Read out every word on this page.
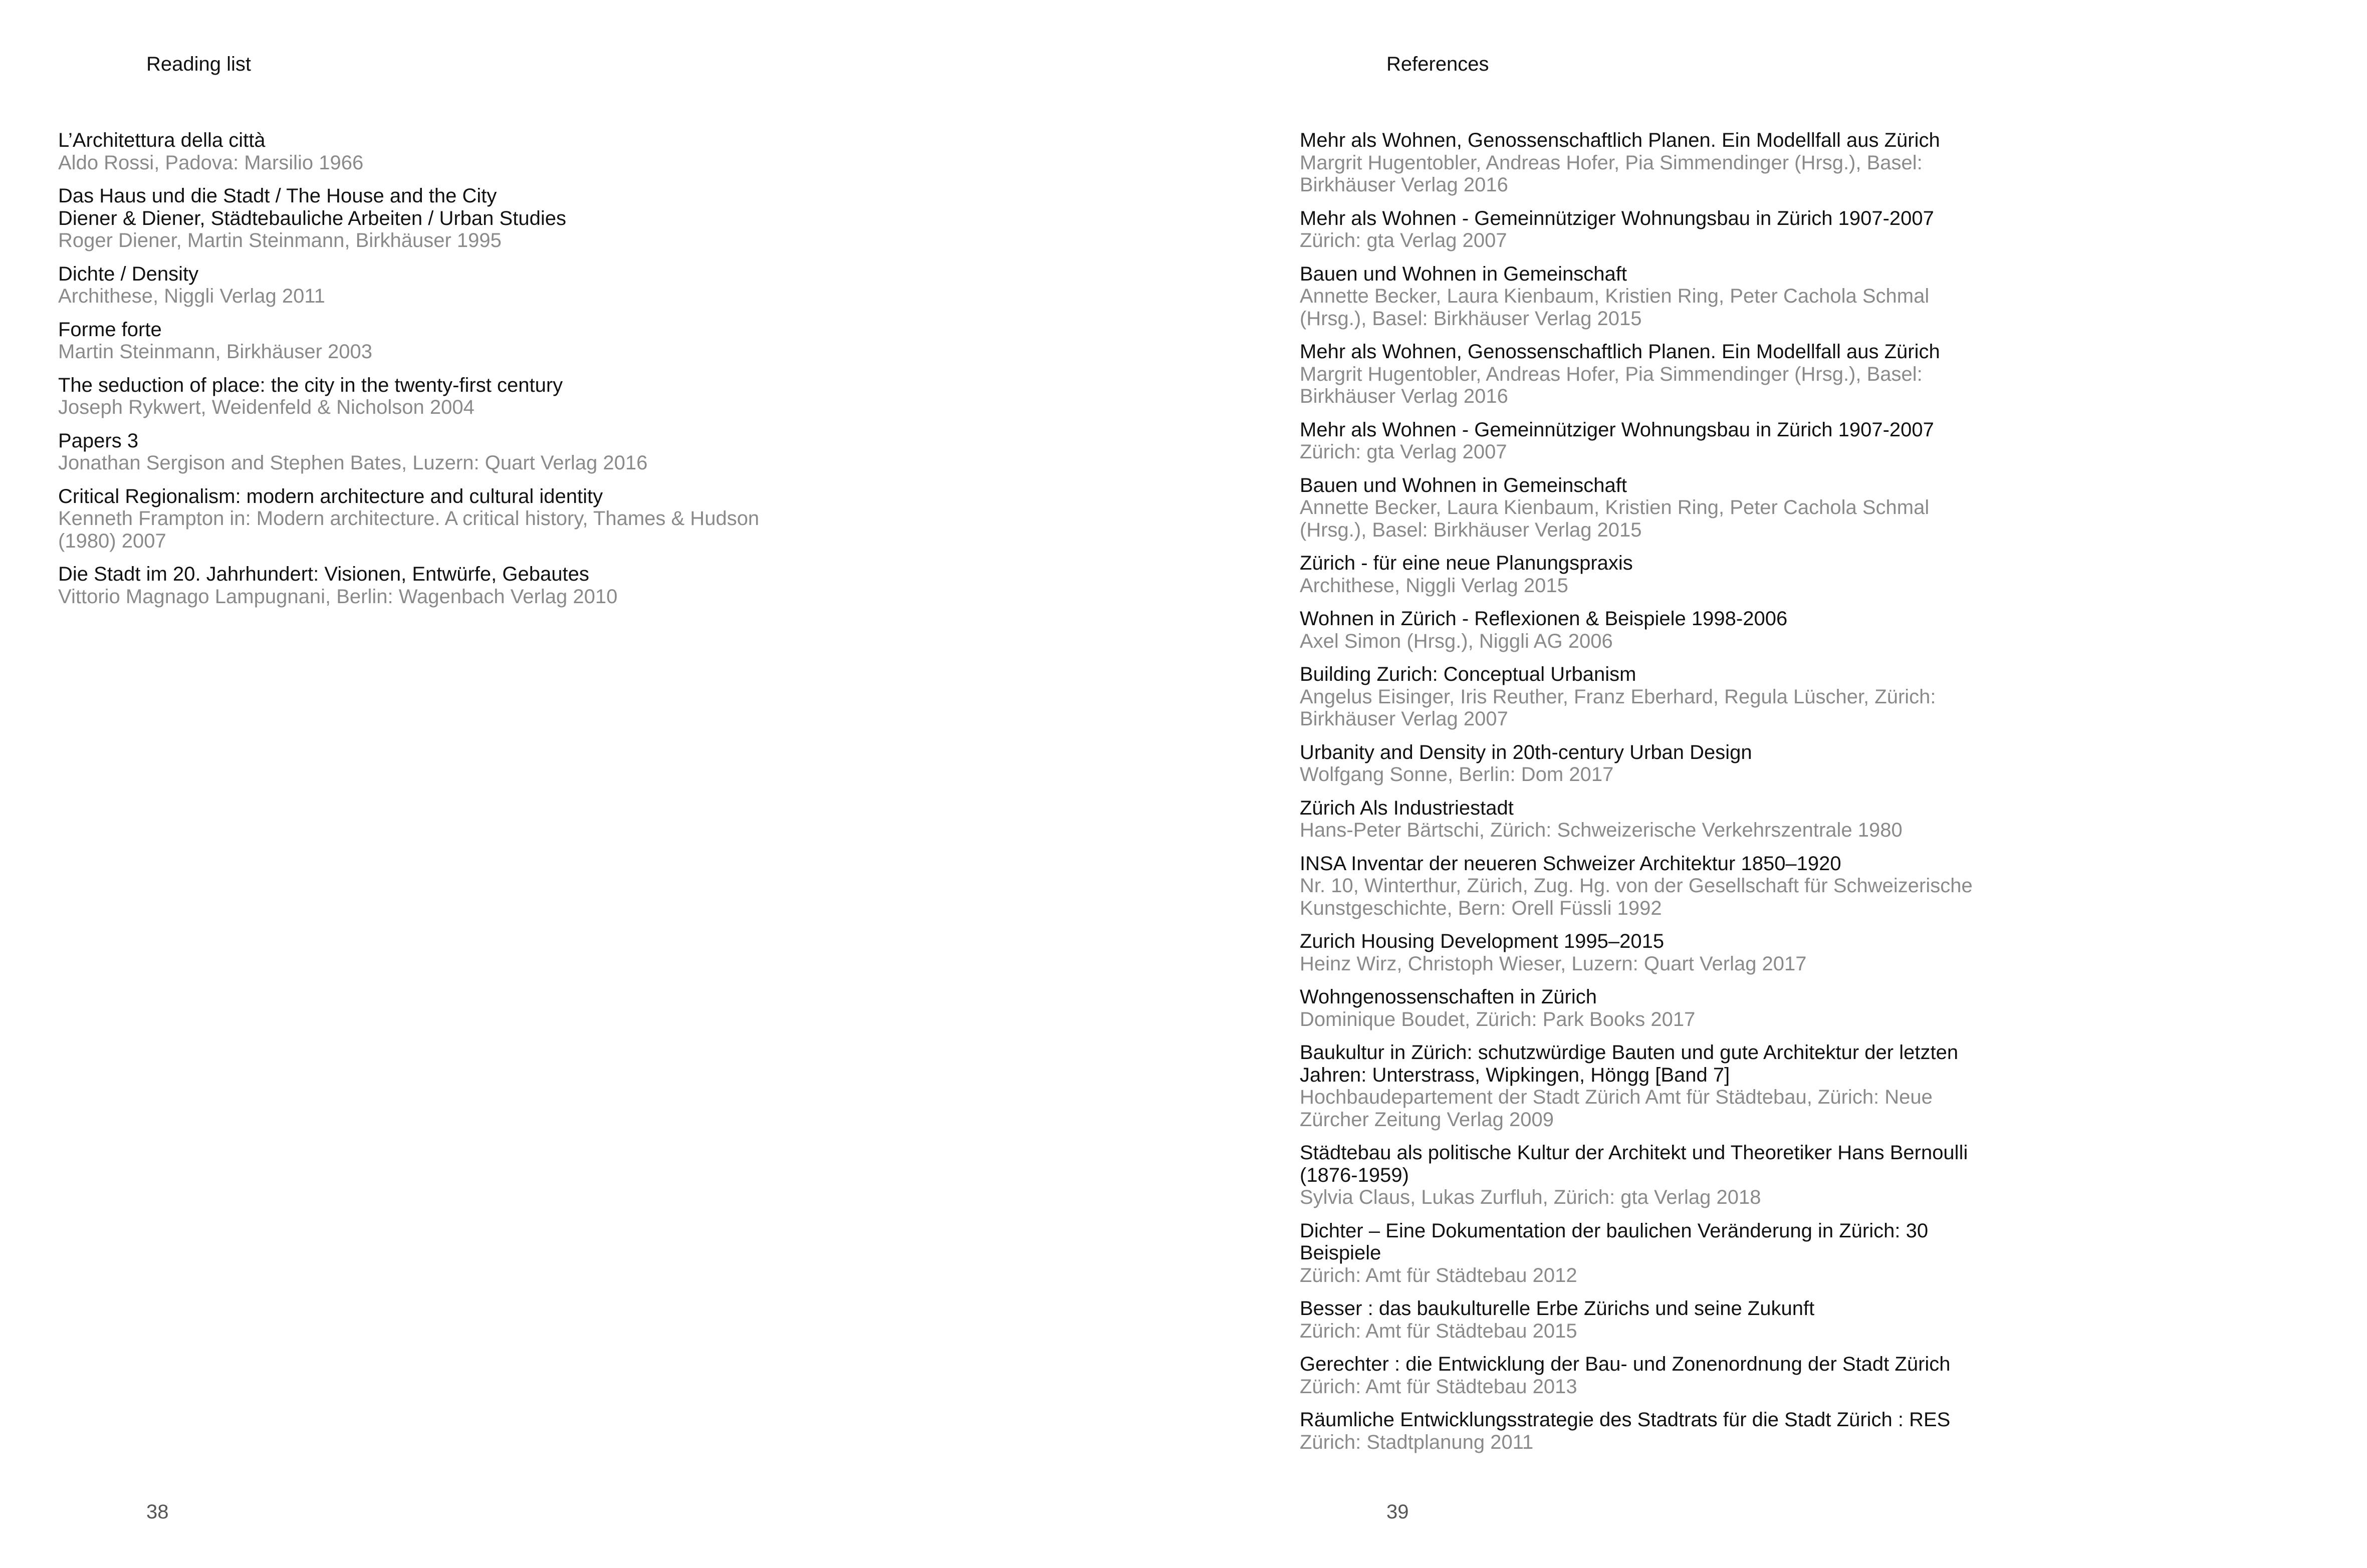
Reading list
L’Architettura della città
Aldo Rossi, Padova: Marsilio 1966
Das Haus und die Stadt / The House and the City
Diener & Diener, Städtebauliche Arbeiten / Urban Studies
Roger Diener, Martin Steinmann, Birkhäuser 1995
Dichte / Density
Archithese, Niggli Verlag 2011
Forme forte
Martin Steinmann, Birkhäuser 2003
The seduction of place: the city in the twenty-first century
Joseph Rykwert, Weidenfeld & Nicholson 2004
Papers 3
Jonathan Sergison and Stephen Bates, Luzern: Quart Verlag 2016
Critical Regionalism: modern architecture and cultural identity
Kenneth Frampton in: Modern architecture. A critical history, Thames & Hudson
(1980) 2007
Die Stadt im 20. Jahrhundert: Visionen, Entwürfe, Gebautes
Vittorio Magnago Lampugnani, Berlin: Wagenbach Verlag 2010
38
References
Mehr als Wohnen, Genossenschaftlich Planen. Ein Modellfall aus Zürich
Margrit Hugentobler, Andreas Hofer, Pia Simmendinger (Hrsg.), Basel:
Birkhäuser Verlag 2016
Mehr als Wohnen - Gemeinnütziger Wohnungsbau in Zürich 1907-2007
Zürich: gta Verlag 2007
Bauen und Wohnen in Gemeinschaft
Annette Becker, Laura Kienbaum, Kristien Ring, Peter Cachola Schmal
(Hrsg.), Basel: Birkhäuser Verlag 2015
Mehr als Wohnen, Genossenschaftlich Planen. Ein Modellfall aus Zürich
Margrit Hugentobler, Andreas Hofer, Pia Simmendinger (Hrsg.), Basel:
Birkhäuser Verlag 2016
Mehr als Wohnen - Gemeinnütziger Wohnungsbau in Zürich 1907-2007
Zürich: gta Verlag 2007
Bauen und Wohnen in Gemeinschaft
Annette Becker, Laura Kienbaum, Kristien Ring, Peter Cachola Schmal
(Hrsg.), Basel: Birkhäuser Verlag 2015
Zürich - für eine neue Planungspraxis
Archithese, Niggli Verlag 2015
Wohnen in Zürich - Reflexionen & Beispiele 1998-2006
Axel Simon (Hrsg.), Niggli AG 2006
Building Zurich: Conceptual Urbanism
Angelus Eisinger, Iris Reuther, Franz Eberhard, Regula Lüscher, Zürich:
Birkhäuser Verlag 2007
Urbanity and Density in 20th-century Urban Design
Wolfgang Sonne, Berlin: Dom 2017
Zürich Als Industriestadt
Hans-Peter Bärtschi, Zürich: Schweizerische Verkehrszentrale 1980
INSA Inventar der neueren Schweizer Architektur 1850–1920
Nr. 10, Winterthur, Zürich, Zug. Hg. von der Gesellschaft für Schweizerische
Kunstgeschichte, Bern: Orell Füssli 1992
Zurich Housing Development 1995–2015
Heinz Wirz, Christoph Wieser, Luzern: Quart Verlag 2017
Wohngenossenschaften in Zürich
Dominique Boudet, Zürich: Park Books 2017
Baukultur in Zürich: schutzwürdige Bauten und gute Architektur der letzten
Jahren: Unterstrass, Wipkingen, Höngg [Band 7]
Hochbaudepartement der Stadt Zürich Amt für Städtebau, Zürich: Neue
Zürcher Zeitung Verlag 2009
Städtebau als politische Kultur der Architekt und Theoretiker Hans Bernoulli
(1876-1959)
Sylvia Claus, Lukas Zurfluh, Zürich: gta Verlag 2018
Dichter – Eine Dokumentation der baulichen Veränderung in Zürich: 30
Beispiele
Zürich: Amt für Städtebau 2012
Besser : das baukulturelle Erbe Zürichs und seine Zukunft
Zürich: Amt für Städtebau 2015
Gerechter : die Entwicklung der Bau- und Zonenordnung der Stadt Zürich
Zürich: Amt für Städtebau 2013
Räumliche Entwicklungsstrategie des Stadtrats für die Stadt Zürich : RES
Zürich: Stadtplanung 2011
39
